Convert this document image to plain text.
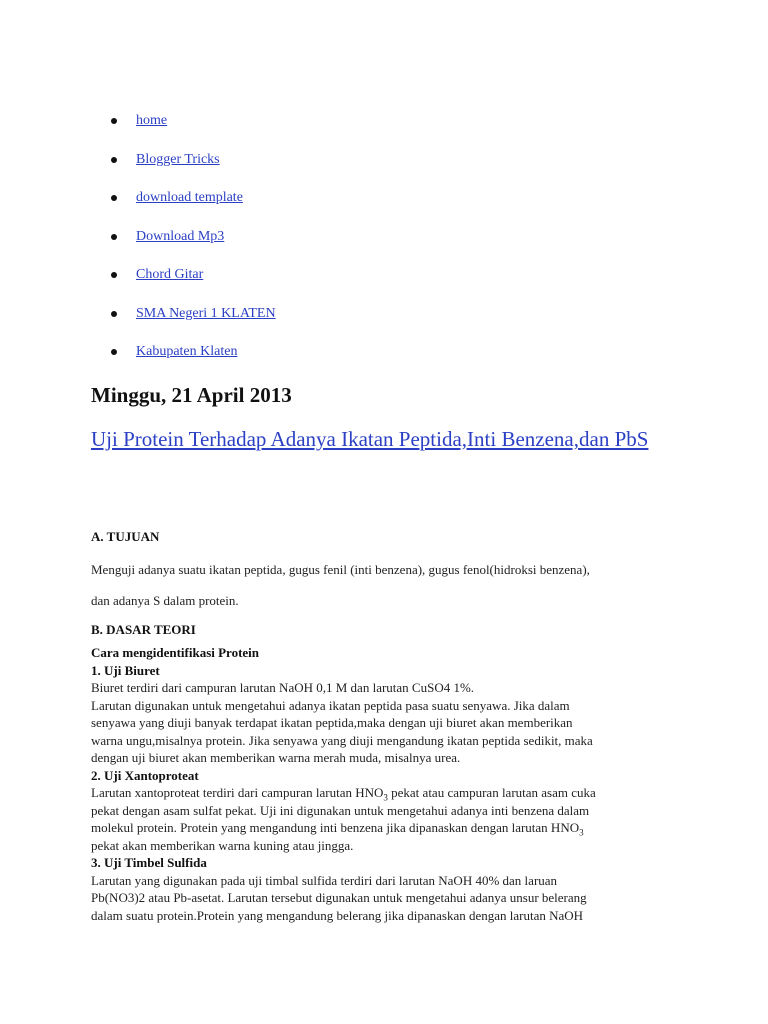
home
Blogger Tricks
download template
Download Mp3
Chord Gitar
SMA Negeri 1 KLATEN
Kabupaten Klaten
Minggu, 21 April 2013
Uji Protein Terhadap Adanya Ikatan Peptida,Inti Benzena,dan PbS
A. TUJUAN

Menguji adanya suatu ikatan peptida, gugus fenil (inti benzena), gugus fenol(hidroksi benzena),

dan adanya S dalam protein.

B. DASAR TEORI
Cara mengidentifikasi Protein
1. Uji Biuret

Biuret terdiri dari campuran larutan NaOH 0,1 M dan larutan CuSO4 1%.

Larutan digunakan untuk mengetahui adanya ikatan peptida pasa suatu senyawa. Jika dalam

senyawa yang diuji banyak terdapat ikatan peptida,maka dengan uji biuret akan memberikan

warna ungu,misalnya protein. Jika senyawa yang diuji mengandung ikatan peptida sedikit, maka

dengan uji biuret akan memberikan warna merah muda, misalnya urea.

2. Uji Xantoproteat

Larutan xantoproteat terdiri dari campuran larutan $HNO_3$ pekat atau campuran larutan asam cuka

pekat dengan asam sulfat pekat. Uji ini digunakan untuk mengetahui adanya inti benzena dalam

molekul protein. Protein yang mengandung inti benzena jika dipanaskan dengan larutan $HNO_3$

pekat akan memberikan warna kuning atau jingga.

3. Uji Timbel Sulfida

Larutan yang digunakan pada uji timbal sulfida terdiri dari larutan NaOH 40% dan laruan

Pb(NO3)2 atau Pb-asetat. Larutan tersebut digunakan untuk mengetahui adanya unsur belerang

dalam suatu protein.Protein yang mengandung belerang jika dipanaskan dengan larutan NaOH
